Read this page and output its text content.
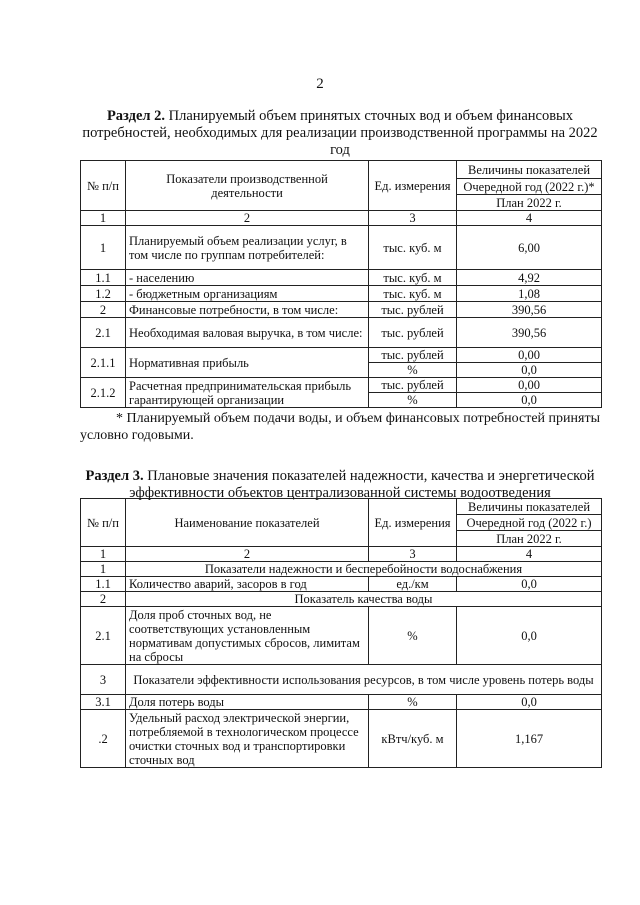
2
Раздел 2. Планируемый объем принятых сточных вод и объем финансовых потребностей, необходимых для реализации производственной программы на 2022 год
№ п/п	Показатели производственной деятельности	Ед. измерения	Величины показателей
			Очередной год (2022 г.)*
			План 2022 г.
1	2	3	4
1	Планируемый объем реализации услуг, в том числе по группам потребителей:	тыс. куб. м	6,00
1.1	- населению	тыс. куб. м	4,92
1.2	- бюджетным организациям	тыс. куб. м	1,08
2	Финансовые потребности, в том числе:	тыс. рублей	390,56
2.1	Необходимая валовая выручка, в том числе:	тыс. рублей	390,56
2.1.1	Нормативная прибыль	тыс. рублей	0,00
		%	0,0
2.1.2	Расчетная предпринимательская прибыль гарантирующей организации	тыс. рублей	0,00
		%	0,0
* Планируемый объем подачи воды, и объем финансовых потребностей приняты условно годовыми.
Раздел 3. Плановые значения показателей надежности, качества и энергетической эффективности объектов централизованной системы водоотведения
№ п/п	Наименование показателей	Ед. измерения	Величины показателей
			Очередной год (2022 г.)
			План 2022 г.
1	2	3	4
1	Показатели надежности и бесперебойности водоснабжения		
1.1	Количество аварий, засоров в год	ед./км	0,0
2	Показатель качества воды		
2.1	Доля проб сточных вод, не соответствующих установленным нормативам допустимых сбросов, лимитам на сбросы	%	0,0
3	Показатели эффективности использования ресурсов, в том числе уровень потерь воды		
3.1	Доля потерь воды	%	0,0
.2	Удельный расход электрической энергии, потребляемой в технологическом процессе очистки сточных вод и транспортировки сточных вод	кВтч/куб. м	1,167
